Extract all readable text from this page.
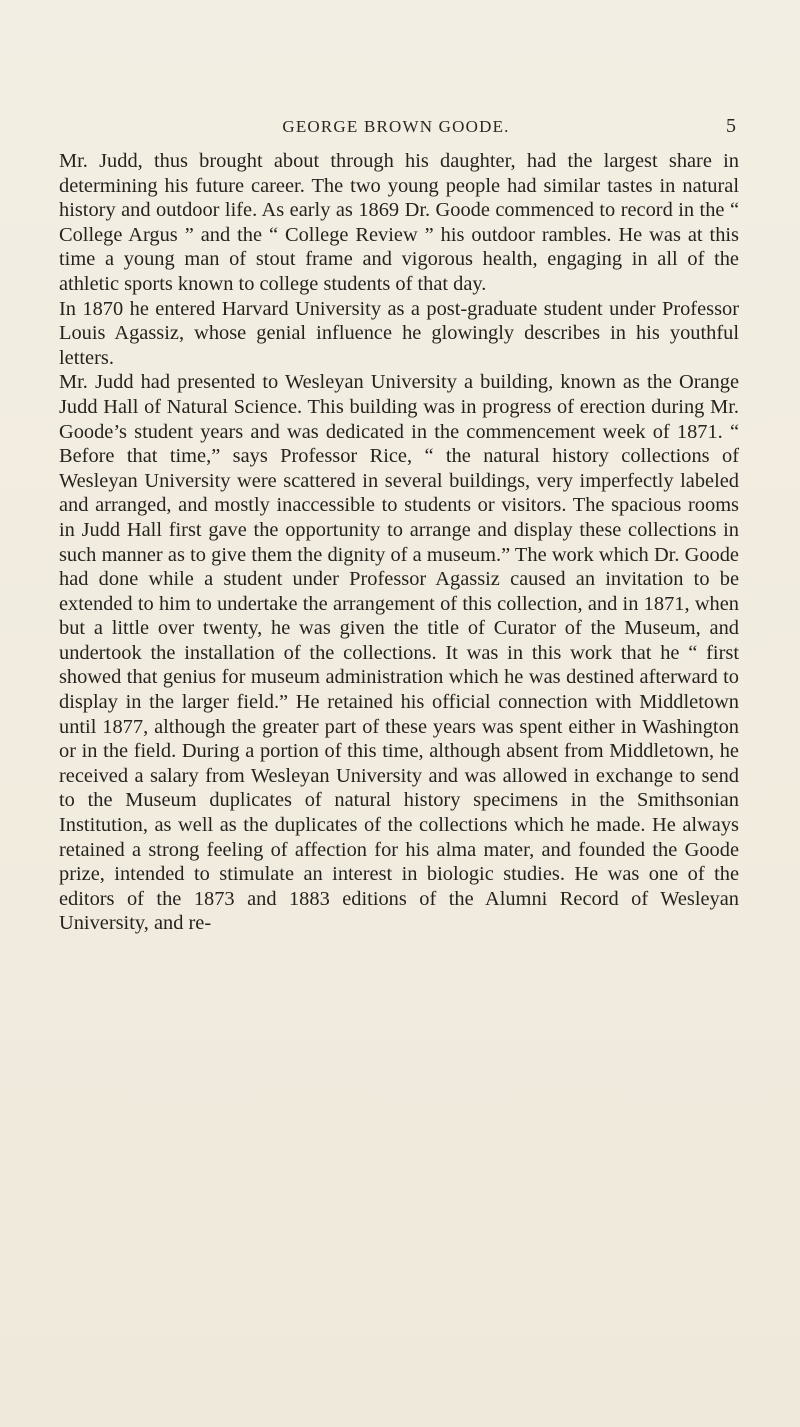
GEORGE BROWN GOODE.	5

Mr. Judd, thus brought about through his daughter, had the largest share in determining his future career. The two young people had similar tastes in natural history and outdoor life. As early as 1869 Dr. Goode commenced to record in the “ College Argus ” and the “ College Review ” his outdoor rambles. He was at this time a young man of stout frame and vigorous health, engaging in all of the athletic sports known to college students of that day.

In 1870 he entered Harvard University as a post-graduate student under Professor Louis Agassiz, whose genial influence he glowingly describes in his youthful letters.

Mr. Judd had presented to Wesleyan University a building, known as the Orange Judd Hall of Natural Science. This building was in progress of erection during Mr. Goode’s student years and was dedicated in the commencement week of 1871. “ Before that time,” says Professor Rice, “ the natural history collections of Wesleyan University were scattered in several buildings, very imperfectly labeled and arranged, and mostly inaccessible to students or visitors. The spacious rooms in Judd Hall first gave the opportunity to arrange and display these collections in such manner as to give them the dignity of a museum.” The work which Dr. Goode had done while a student under Professor Agassiz caused an invitation to be extended to him to undertake the arrangement of this collection, and in 1871, when but a little over twenty, he was given the title of Curator of the Museum, and undertook the installation of the collections. It was in this work that he “ first showed that genius for museum administration which he was destined afterward to display in the larger field.” He retained his official connection with Middletown until 1877, although the greater part of these years was spent either in Washington or in the field. During a portion of this time, although absent from Middletown, he received a salary from Wesleyan University and was allowed in exchange to send to the Museum duplicates of natural history specimens in the Smithsonian Institution, as well as the duplicates of the collections which he made. He always retained a strong feeling of affection for his alma mater, and founded the Goode prize, intended to stimulate an interest in biologic studies. He was one of the editors of the 1873 and 1883 editions of the Alumni Record of Wesleyan University, and re-
